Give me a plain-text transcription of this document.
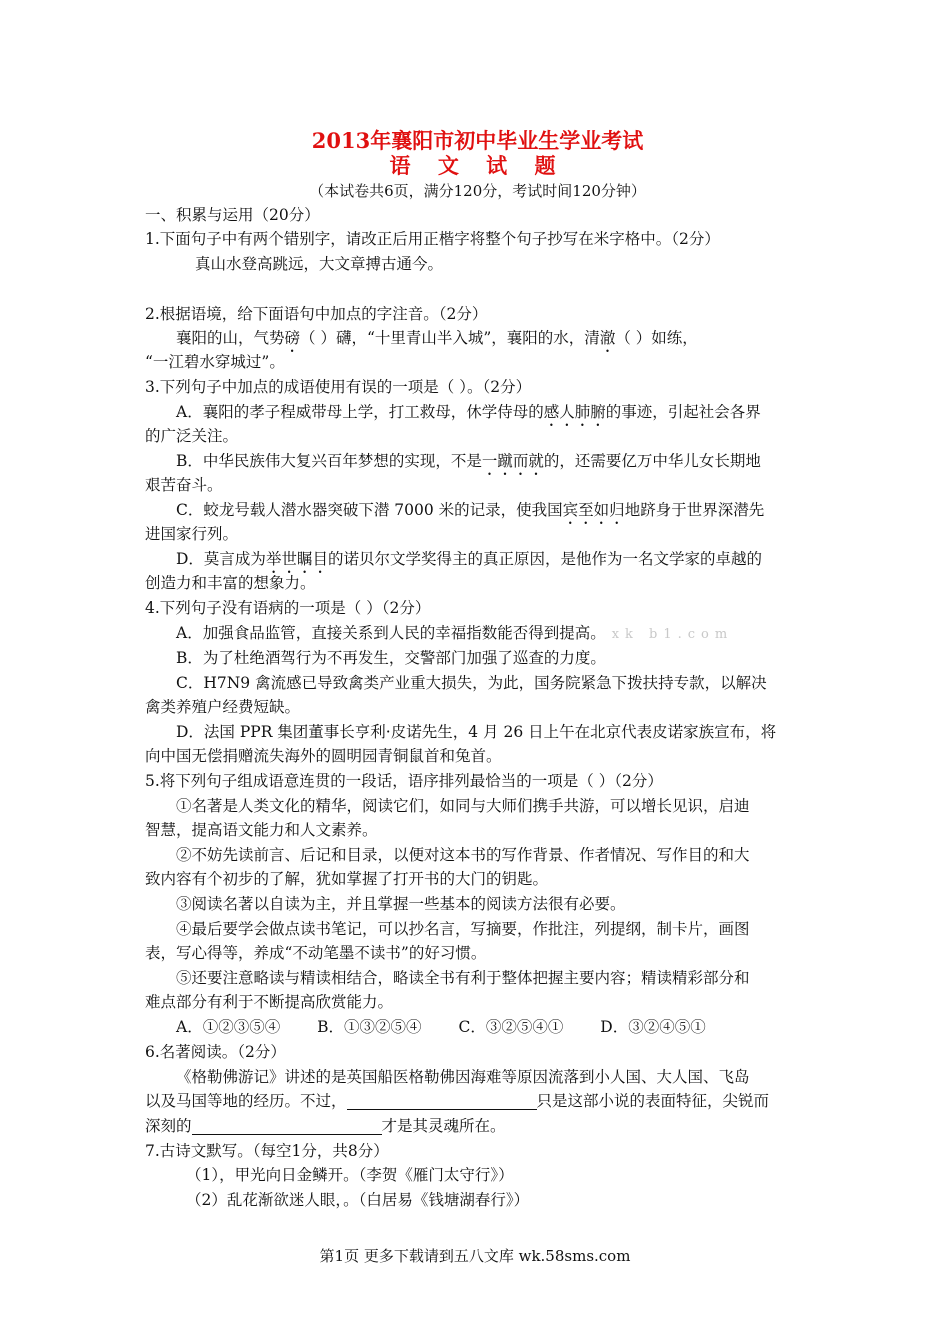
2013年襄阳市初中毕业生学业考试
语 文 试 题
（本试卷共6页，满分120分，考试时间120分钟）
一、积累与运用（20分）
1.下面句子中有两个错别字，请改正后用正楷字将整个句子抄写在米字格中。（2分）
真山水登高跳远，大文章搏古通今。
2.根据语境，给下面语句中加点的字注音。（2分）
襄阳的山，气势磅（ ）礴，“十里青山半入城”，襄阳的水，清澈（ ）如练，
“一江碧水穿城过”。
3.下列句子中加点的成语使用有误的一项是（ ）。（2分）
A．襄阳的孝子程威带母上学，打工救母，休学侍母的感人肺腑的事迹，引起社会各界
的广泛关注。
B．中华民族伟大复兴百年梦想的实现，不是一蹴而就的，还需要亿万中华儿女长期地
艰苦奋斗。
C．蛟龙号载人潜水器突破下潜 7000 米的记录，使我国宾至如归地跻身于世界深潜先
进国家行列。
D．莫言成为举世瞩目的诺贝尔文学奖得主的真正原因，是他作为一名文学家的卓越的
创造力和丰富的想象力。
4.下列句子没有语病的一项是（ ）（2分）
A．加强食品监管，直接关系到人民的幸福指数能否得到提高。 xk b1.com
B．为了杜绝酒驾行为不再发生，交警部门加强了巡查的力度。
C．H7N9 禽流感已导致禽类产业重大损失，为此，国务院紧急下拨扶持专款，以解决
禽类养殖户经费短缺。
D．法国 PPR 集团董事长亨利·皮诺先生，4 月 26 日上午在北京代表皮诺家族宣布，将
向中国无偿捐赠流失海外的圆明园青铜鼠首和兔首。
5.将下列句子组成语意连贯的一段话，语序排列最恰当的一项是（ ）（2分）
①名著是人类文化的精华，阅读它们，如同与大师们携手共游，可以增长见识，启迪
智慧，提高语文能力和人文素养。
②不妨先读前言、后记和目录，以便对这本书的写作背景、作者情况、写作目的和大
致内容有个初步的了解，犹如掌握了打开书的大门的钥匙。
③阅读名著以自读为主，并且掌握一些基本的阅读方法很有必要。
④最后要学会做点读书笔记，可以抄名言，写摘要，作批注，列提纲，制卡片，画图
表，写心得等，养成“不动笔墨不读书”的好习惯。
⑤还要注意略读与精读相结合，略读全书有利于整体把握主要内容；精读精彩部分和
难点部分有利于不断提高欣赏能力。
A．①②③⑤④ B．①③②⑤④ C．③②⑤④① D．③②④⑤①
6.名著阅读。（2分）
《格勒佛游记》讲述的是英国船医格勒佛因海难等原因流落到小人国、大人国、飞岛
以及马国等地的经历。不过，	只是这部小说的表面特征，尖锐而
深刻的	才是其灵魂所在。
7.古诗文默写。（每空1分，共8分）
（1），甲光向日金鳞开。（李贺《雁门太守行》）
（2）乱花渐欲迷人眼，。（白居易《钱塘湖春行》）
第1页 更多下载请到五八文库 wk.58sms.com
